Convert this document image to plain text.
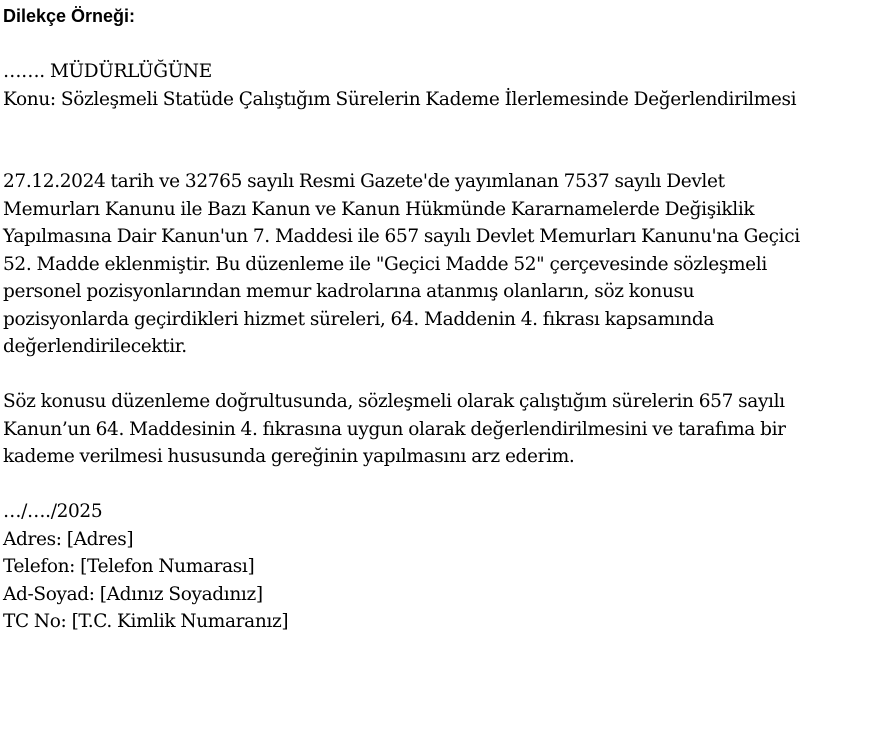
Dilekçe Örneği:
……. MÜDÜRLÜĞÜNE
Konu: Sözleşmeli Statüde Çalıştığım Sürelerin Kademe İlerlemesinde Değerlendirilmesi
27.12.2024 tarih ve 32765 sayılı Resmi Gazete'de yayımlanan 7537 sayılı Devlet
Memurları Kanunu ile Bazı Kanun ve Kanun Hükmünde Kararnamelerde Değişiklik
Yapılmasına Dair Kanun'un 7. Maddesi ile 657 sayılı Devlet Memurları Kanunu'na Geçici
52. Madde eklenmiştir. Bu düzenleme ile "Geçici Madde 52" çerçevesinde sözleşmeli
personel pozisyonlarından memur kadrolarına atanmış olanların, söz konusu
pozisyonlarda geçirdikleri hizmet süreleri, 64. Maddenin 4. fıkrası kapsamında
değerlendirilecektir.
Söz konusu düzenleme doğrultusunda, sözleşmeli olarak çalıştığım sürelerin 657 sayılı
Kanun’un 64. Maddesinin 4. fıkrasına uygun olarak değerlendirilmesini ve tarafıma bir
kademe verilmesi hususunda gereğinin yapılmasını arz ederim.
…/…./2025
Adres: [Adres]
Telefon: [Telefon Numarası]
Ad-Soyad: [Adınız Soyadınız]
TC No: [T.C. Kimlik Numaranız]
